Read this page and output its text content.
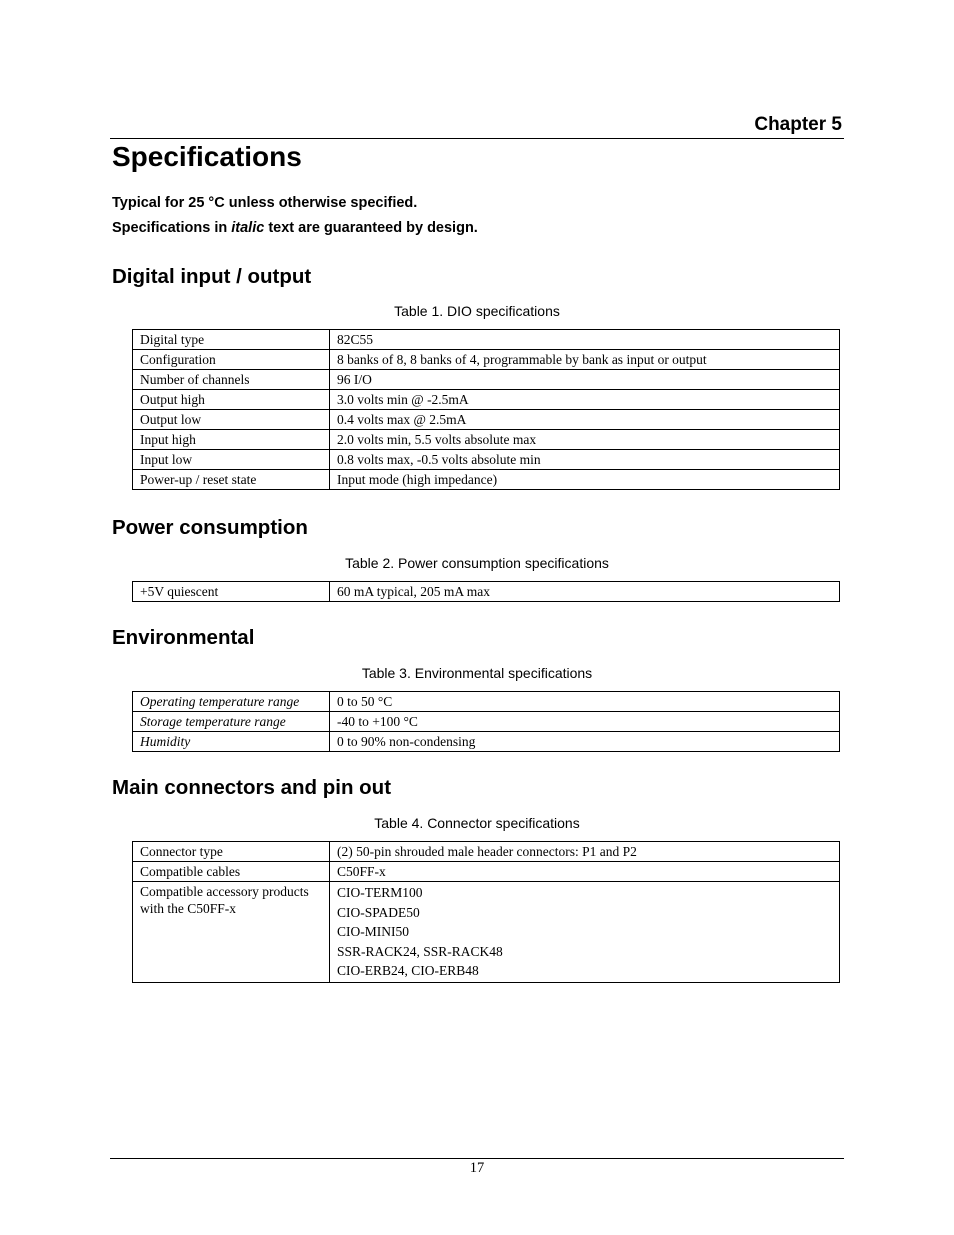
Chapter 5
Specifications
Typical for 25 °C unless otherwise specified.
Specifications in italic text are guaranteed by design.
Digital input / output
Table 1. DIO specifications
Digital type	82C55
Configuration	8 banks of 8, 8 banks of 4, programmable by bank as input or output
Number of channels	96 I/O
Output high	3.0 volts min @ -2.5mA
Output low	0.4 volts max @ 2.5mA
Input high	2.0 volts min, 5.5 volts absolute max
Input low	0.8 volts max, -0.5 volts absolute min
Power-up / reset state	Input mode (high impedance)
Power consumption
Table 2. Power consumption specifications
+5V quiescent	60 mA typical, 205 mA max
Environmental
Table 3. Environmental specifications
Operating temperature range	0 to 50 °C
Storage temperature range	-40 to +100 °C
Humidity	0 to 90% non-condensing
Main connectors and pin out
Table 4. Connector specifications
Connector type	(2) 50-pin shrouded male header connectors: P1 and P2
Compatible cables	C50FF-x
Compatible accessory products with the C50FF-x	CIO-TERM100
CIO-SPADE50
CIO-MINI50
SSR-RACK24, SSR-RACK48
CIO-ERB24, CIO-ERB48
17
